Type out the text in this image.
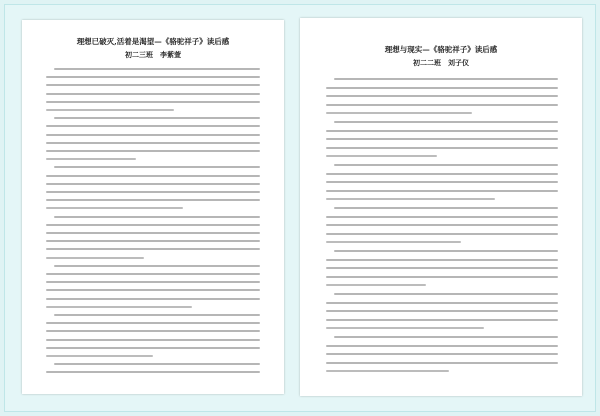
理想已破灭,活着是渴望—《骆驼祥子》读后感
初二三班　李紫萱
理想与现实—《骆驼祥子》读后感
初二二班　刘子仪
